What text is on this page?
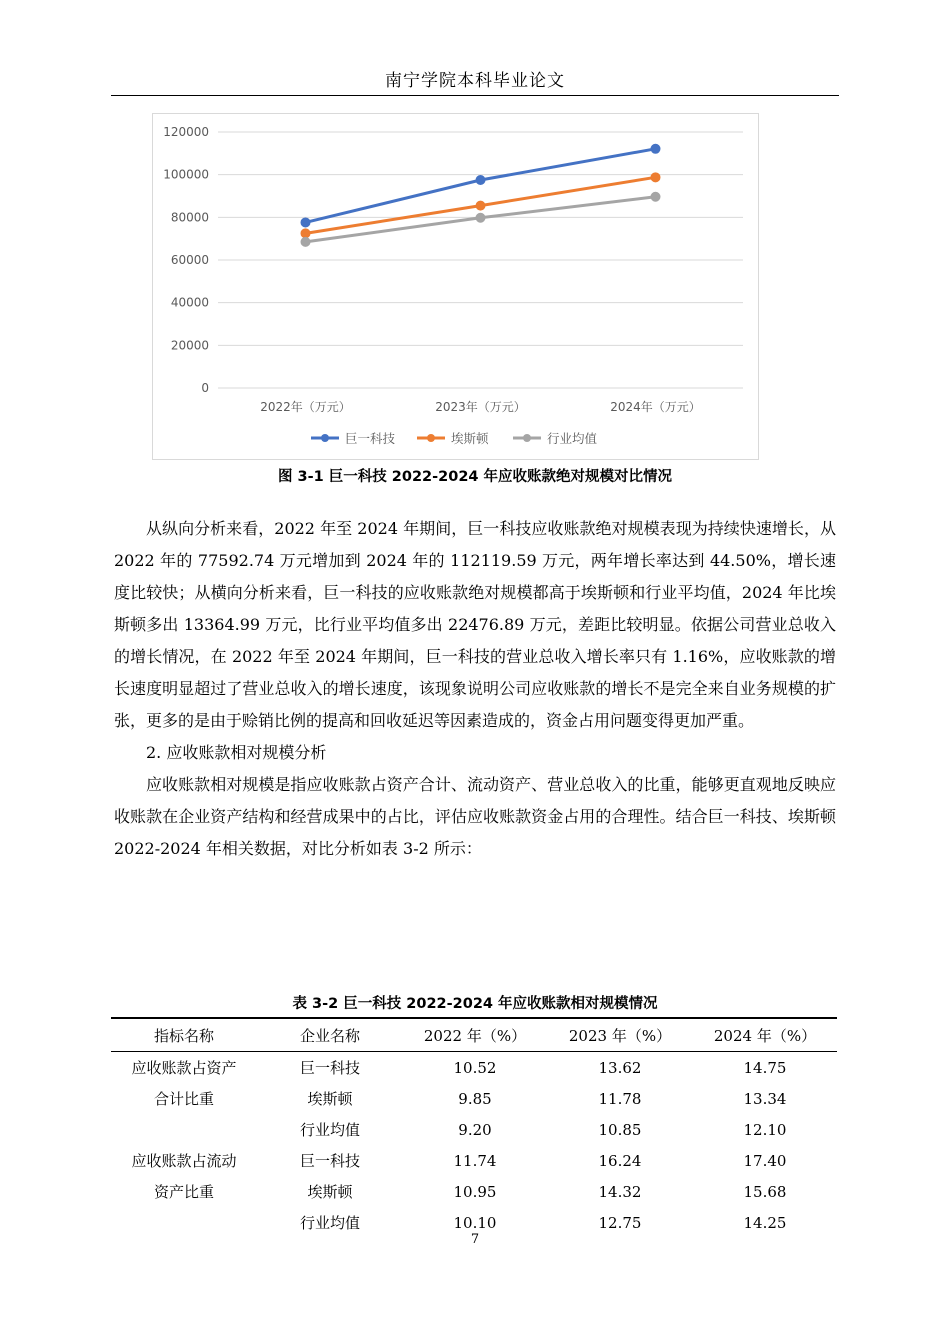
南宁学院本科毕业论文
0
20000
40000
60000
80000
100000
120000
2022年（万元）	2023年（万元）	2024年（万元）
巨一科技	埃斯顿	行业均值
图 3-1 巨一科技 2022-2024 年应收账款绝对规模对比情况

从纵向分析来看，2022 年至 2024 年期间，巨一科技应收账款绝对规模表现为持续快速增长，从 2022 年的 77592.74 万元增加到 2024 年的 112119.59 万元，两年增长率达到 44.50%，增长速度比较快；从横向分析来看，巨一科技的应收账款绝对规模都高于埃斯顿和行业平均值，2024 年比埃斯顿多出 13364.99 万元，比行业平均值多出 22476.89 万元，差距比较明显。依据公司营业总收入的增长情况，在 2022 年至 2024 年期间，巨一科技的营业总收入增长率只有 1.16%，应收账款的增长速度明显超过了营业总收入的增长速度，该现象说明公司应收账款的增长不是完全来自业务规模的扩张，更多的是由于赊销比例的提高和回收延迟等因素造成的，资金占用问题变得更加严重。

2. 应收账款相对规模分析

应收账款相对规模是指应收账款占资产合计、流动资产、营业总收入的比重，能够更直观地反映应收账款在企业资产结构和经营成果中的占比，评估应收账款资金占用的合理性。结合巨一科技、埃斯顿 2022-2024 年相关数据，对比分析如表 3-2 所示：

表 3-2 巨一科技 2022-2024 年应收账款相对规模情况
指标名称	企业名称	2022 年（%）	2023 年（%）	2024 年（%）
应收账款占资产	巨一科技	10.52	13.62	14.75
合计比重	埃斯顿	9.85	11.78	13.34
	行业均值	9.20	10.85	12.10
应收账款占流动	巨一科技	11.74	16.24	17.40
资产比重	埃斯顿	10.95	14.32	15.68
	行业均值	10.10	12.75	14.25
7
